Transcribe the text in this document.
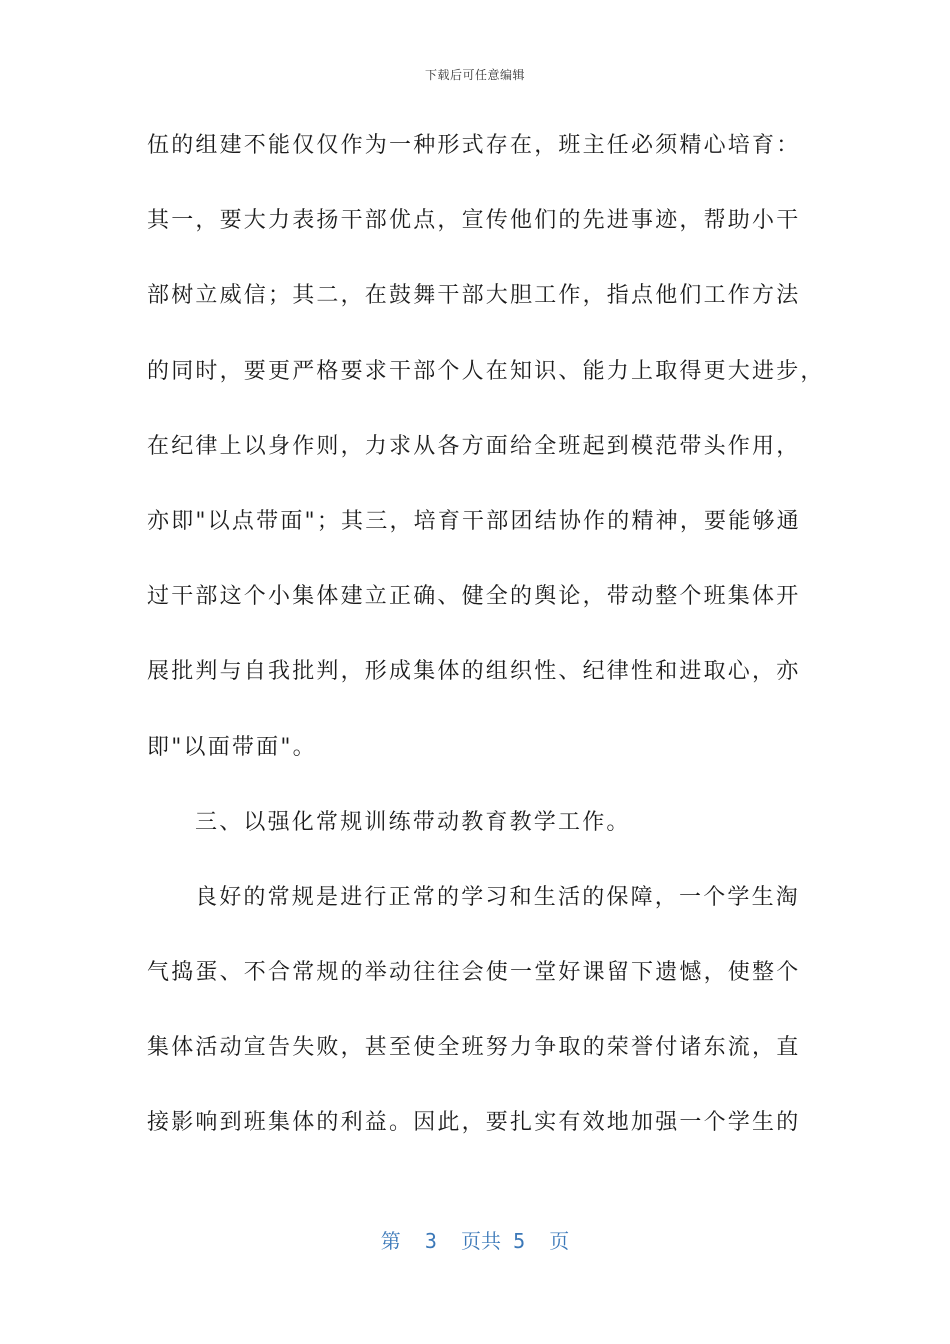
下载后可任意编辑
伍的组建不能仅仅作为一种形式存在，班主任必须精心培育：
其一，要大力表扬干部优点，宣传他们的先进事迹，帮助小干
部树立威信；其二，在鼓舞干部大胆工作，指点他们工作方法
的同时，要更严格要求干部个人在知识、能力上取得更大进步，
在纪律上以身作则，力求从各方面给全班起到模范带头作用，
亦即"以点带面"；其三，培育干部团结协作的精神，要能够通
过干部这个小集体建立正确、健全的舆论，带动整个班集体开
展批判与自我批判，形成集体的组织性、纪律性和进取心，亦
即"以面带面"。
三、以强化常规训练带动教育教学工作。
良好的常规是进行正常的学习和生活的保障，一个学生淘
气捣蛋、不合常规的举动往往会使一堂好课留下遗憾，使整个
集体活动宣告失败，甚至使全班努力争取的荣誉付诸东流，直
接影响到班集体的利益。因此，要扎实有效地加强一个学生的
第 3 页共 5 页
